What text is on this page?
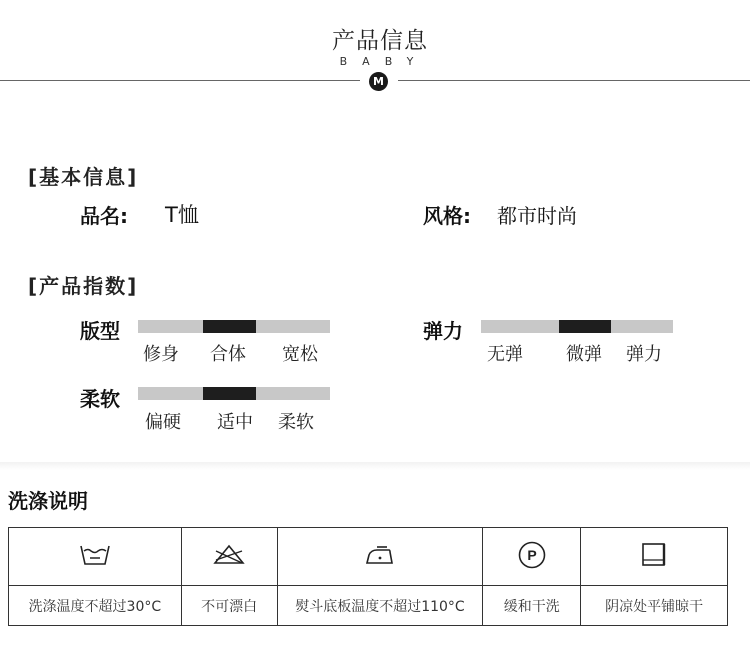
产品信息
BABY
M
[基本信息]
品名: T恤	风格: 都市时尚
[产品指数]
版型
修身 合体 宽松
弹力
无弹 微弹 弹力
柔软
偏硬 适中 柔软
洗涤说明

P

洗涤温度不超过30°C	不可漂白	熨斗底板温度不超过110°C	缓和干洗	阴凉处平铺晾干
